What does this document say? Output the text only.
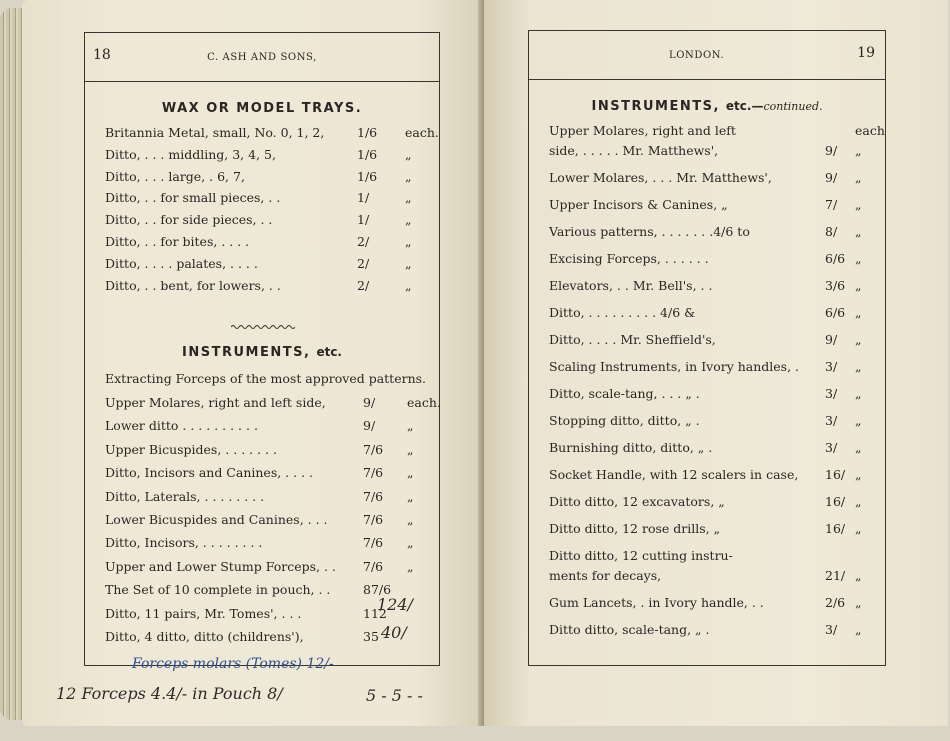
18	C. ASH AND SONS,
WAX OR MODEL TRAYS.
Britannia Metal, small, No. 0, 1, 2,	1/6 each.
Ditto, . . . middling, 3, 4, 5,	1/6 „
Ditto, . . . large, . 6, 7,	1/6 „
Ditto, . . for small pieces, . .	1/	„
Ditto, . . for side pieces, . .	1/	„
Ditto, . . for bites, . . . .	2/	„
Ditto, . . . . palates, . . . .	2/	„
Ditto, . . bent, for lowers, . .	2/	„
INSTRUMENTS, etc.
Extracting Forceps of the most approved patterns.
Upper Molares, right and left side,	9/	each.
Lower ditto . . . . . . . . . .	9/	„
Upper Bicuspides, . . . . . . .	7/6 „
Ditto, Incisors and Canines, . . . .	7/6 „
Ditto, Laterals, . . . . . . . .	7/6 „
Lower Bicuspides and Canines, . . .	7/6 „
Ditto, Incisors, . . . . . . . .	7/6 „
Upper and Lower Stump Forceps, . . 7/6 „
The Set of 10 complete in pouch, . .	87/6
Ditto, 11 pairs, Mr. Tomes', . . .	112
Ditto, 4 ditto, ditto (childrens'),	35
124/
40/
Forceps molars (Tomes) 12/-
12 Forceps 4.4/- in Pouch 8/	5 - 5 - -
LONDON.	19
INSTRUMENTS, etc.—continued.
Upper Molares, right and left	each
side, . . . . . Mr. Matthews',	9/ „
Lower Molares, . . . Mr. Matthews',	9/ „
Upper Incisors & Canines, „	7/ „
Various patterns, . . . . . . .4/6 to	8/ „
Excising Forceps, . . . . . .	6/6 „
Elevators, . . Mr. Bell's, . .	3/6 „
Ditto, . . . . . . . . . 4/6 &	6/6 „
Ditto, . . . . Mr. Sheffield's,	9/ „
Scaling Instruments, in Ivory handles, . 3/ „
Ditto, scale-tang, . . . „ .	3/ „
Stopping ditto, ditto, „ .	3/ „
Burnishing ditto, ditto, „ .	3/ „
Socket Handle, with 12 scalers in case, 16/ „
Ditto ditto, 12 excavators, „	16/ „
Ditto ditto, 12 rose drills, „	16/ „
Ditto ditto, 12 cutting instru-
ments for decays,	21/ „
Gum Lancets, . in Ivory handle, . .	2/6 „
Ditto ditto, scale-tang, „ .	3/ „
